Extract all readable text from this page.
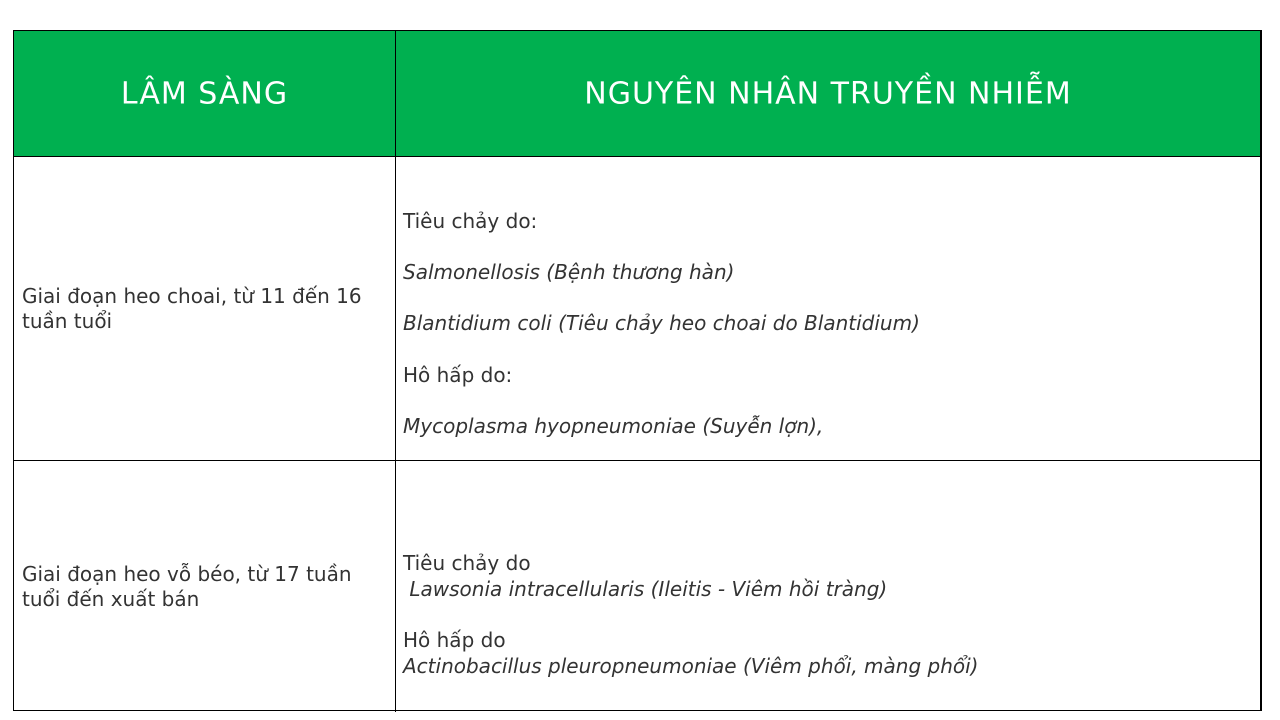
LÂM SÀNG	NGUYÊN NHÂN TRUYỀN NHIỄM
Giai đoạn heo choai, từ 11 đến 16 tuần tuổi
Tiêu chảy do:
Salmonellosis (Bệnh thương hàn)
Blantidium coli (Tiêu chảy heo choai do Blantidium)
Hô hấp do:
Mycoplasma hyopneumoniae (Suyễn lợn),
Giai đoạn heo vỗ béo, từ 17 tuần tuổi đến xuất bán
Tiêu chảy do
Lawsonia intracellularis (Ileitis - Viêm hồi tràng)
Hô hấp do
Actinobacillus pleuropneumoniae (Viêm phổi, màng phổi)
